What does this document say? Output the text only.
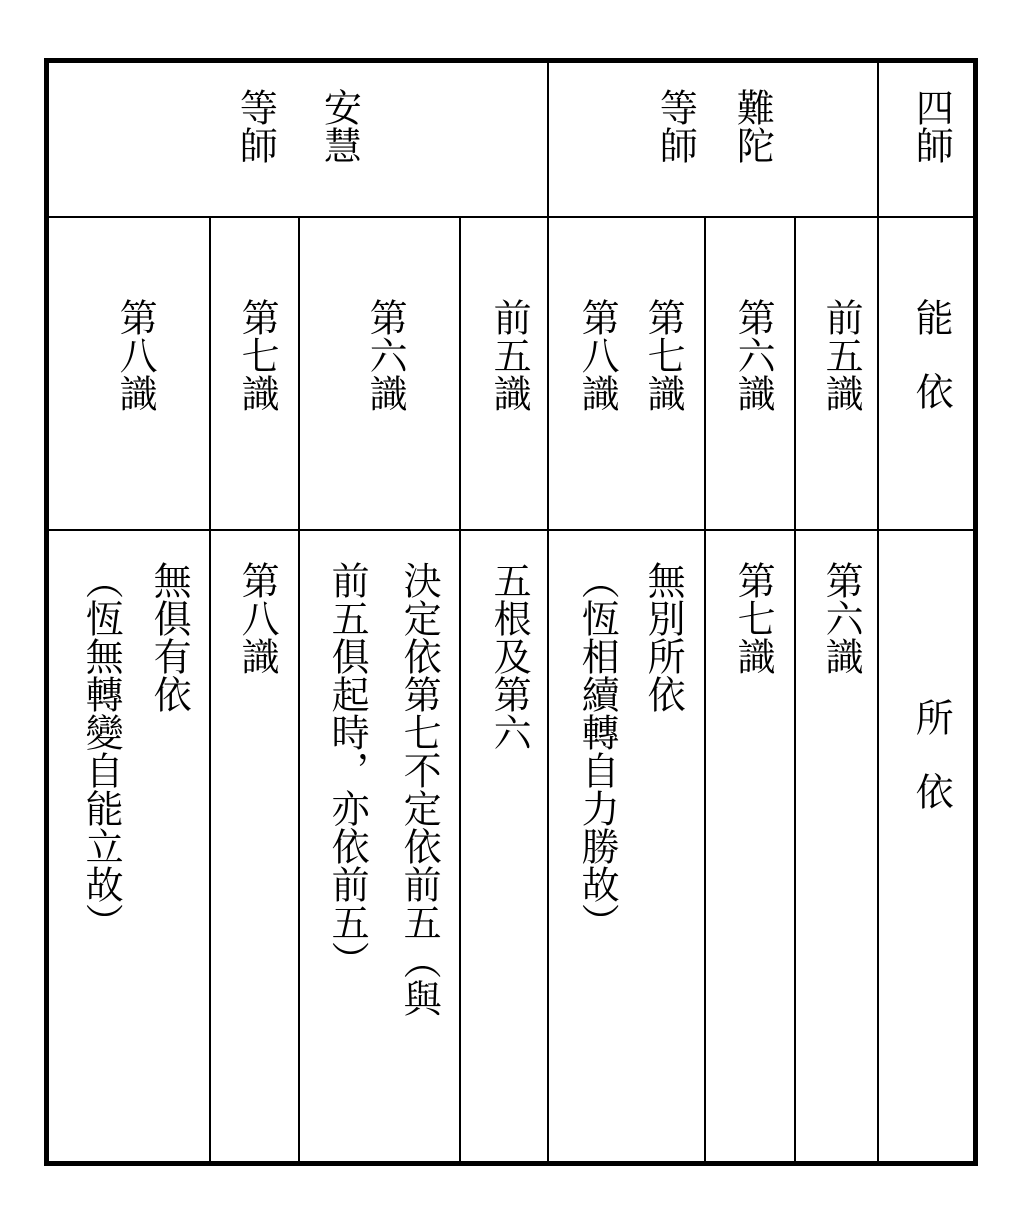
四師
難陀
等師
安慧
等師
能依
前五識
第六識
第七識
第八識
前五識
第六識
第七識
第八識
所依
第六識
第七識
無別所依
（恆相續轉自力勝故）
五根及第六
決定依第七不定依前五（與
前五俱起時，亦依前五）
第八識
無俱有依
（恆無轉變自能立故）
